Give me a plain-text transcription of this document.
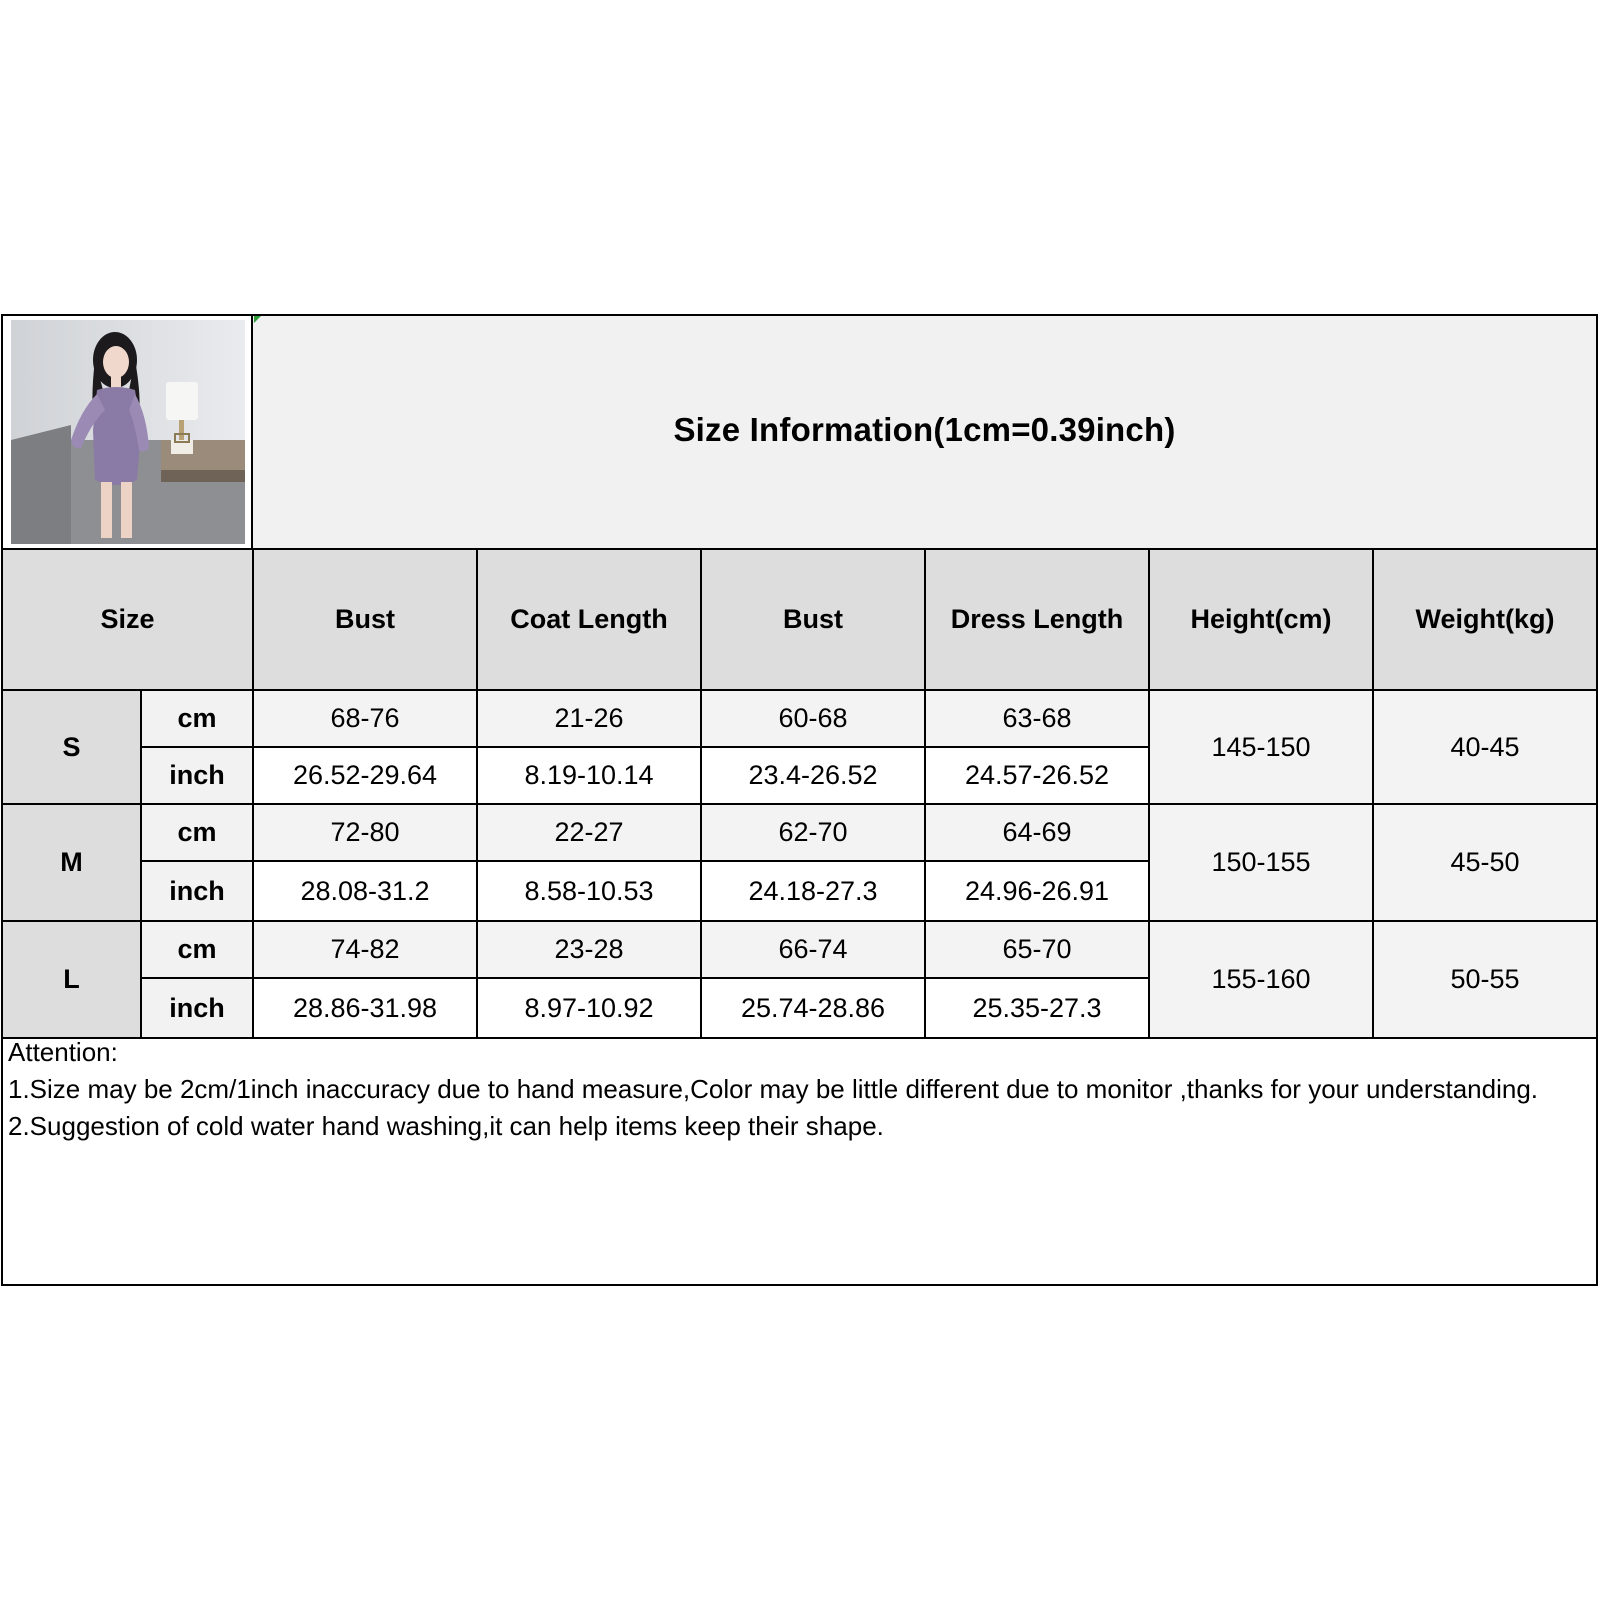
Size Information(1cm=0.39inch)
Size		Bust	Coat Length	Bust	Dress Length	Height(cm)	Weight(kg)
S	cm	68-76	21-26	60-68	63-68	145-150	40-45
	inch	26.52-29.64	8.19-10.14	23.4-26.52	24.57-26.52		
M	cm	72-80	22-27	62-70	64-69	150-155	45-50
	inch	28.08-31.2	8.58-10.53	24.18-27.3	24.96-26.91		
L	cm	74-82	23-28	66-74	65-70	155-160	50-55
	inch	28.86-31.98	8.97-10.92	25.74-28.86	25.35-27.3		
Attention:
1.Size may be 2cm/1inch inaccuracy due to hand measure,Color may be little different due to monitor ,thanks for your understanding.
2.Suggestion of cold water hand washing,it can help items keep their shape.
